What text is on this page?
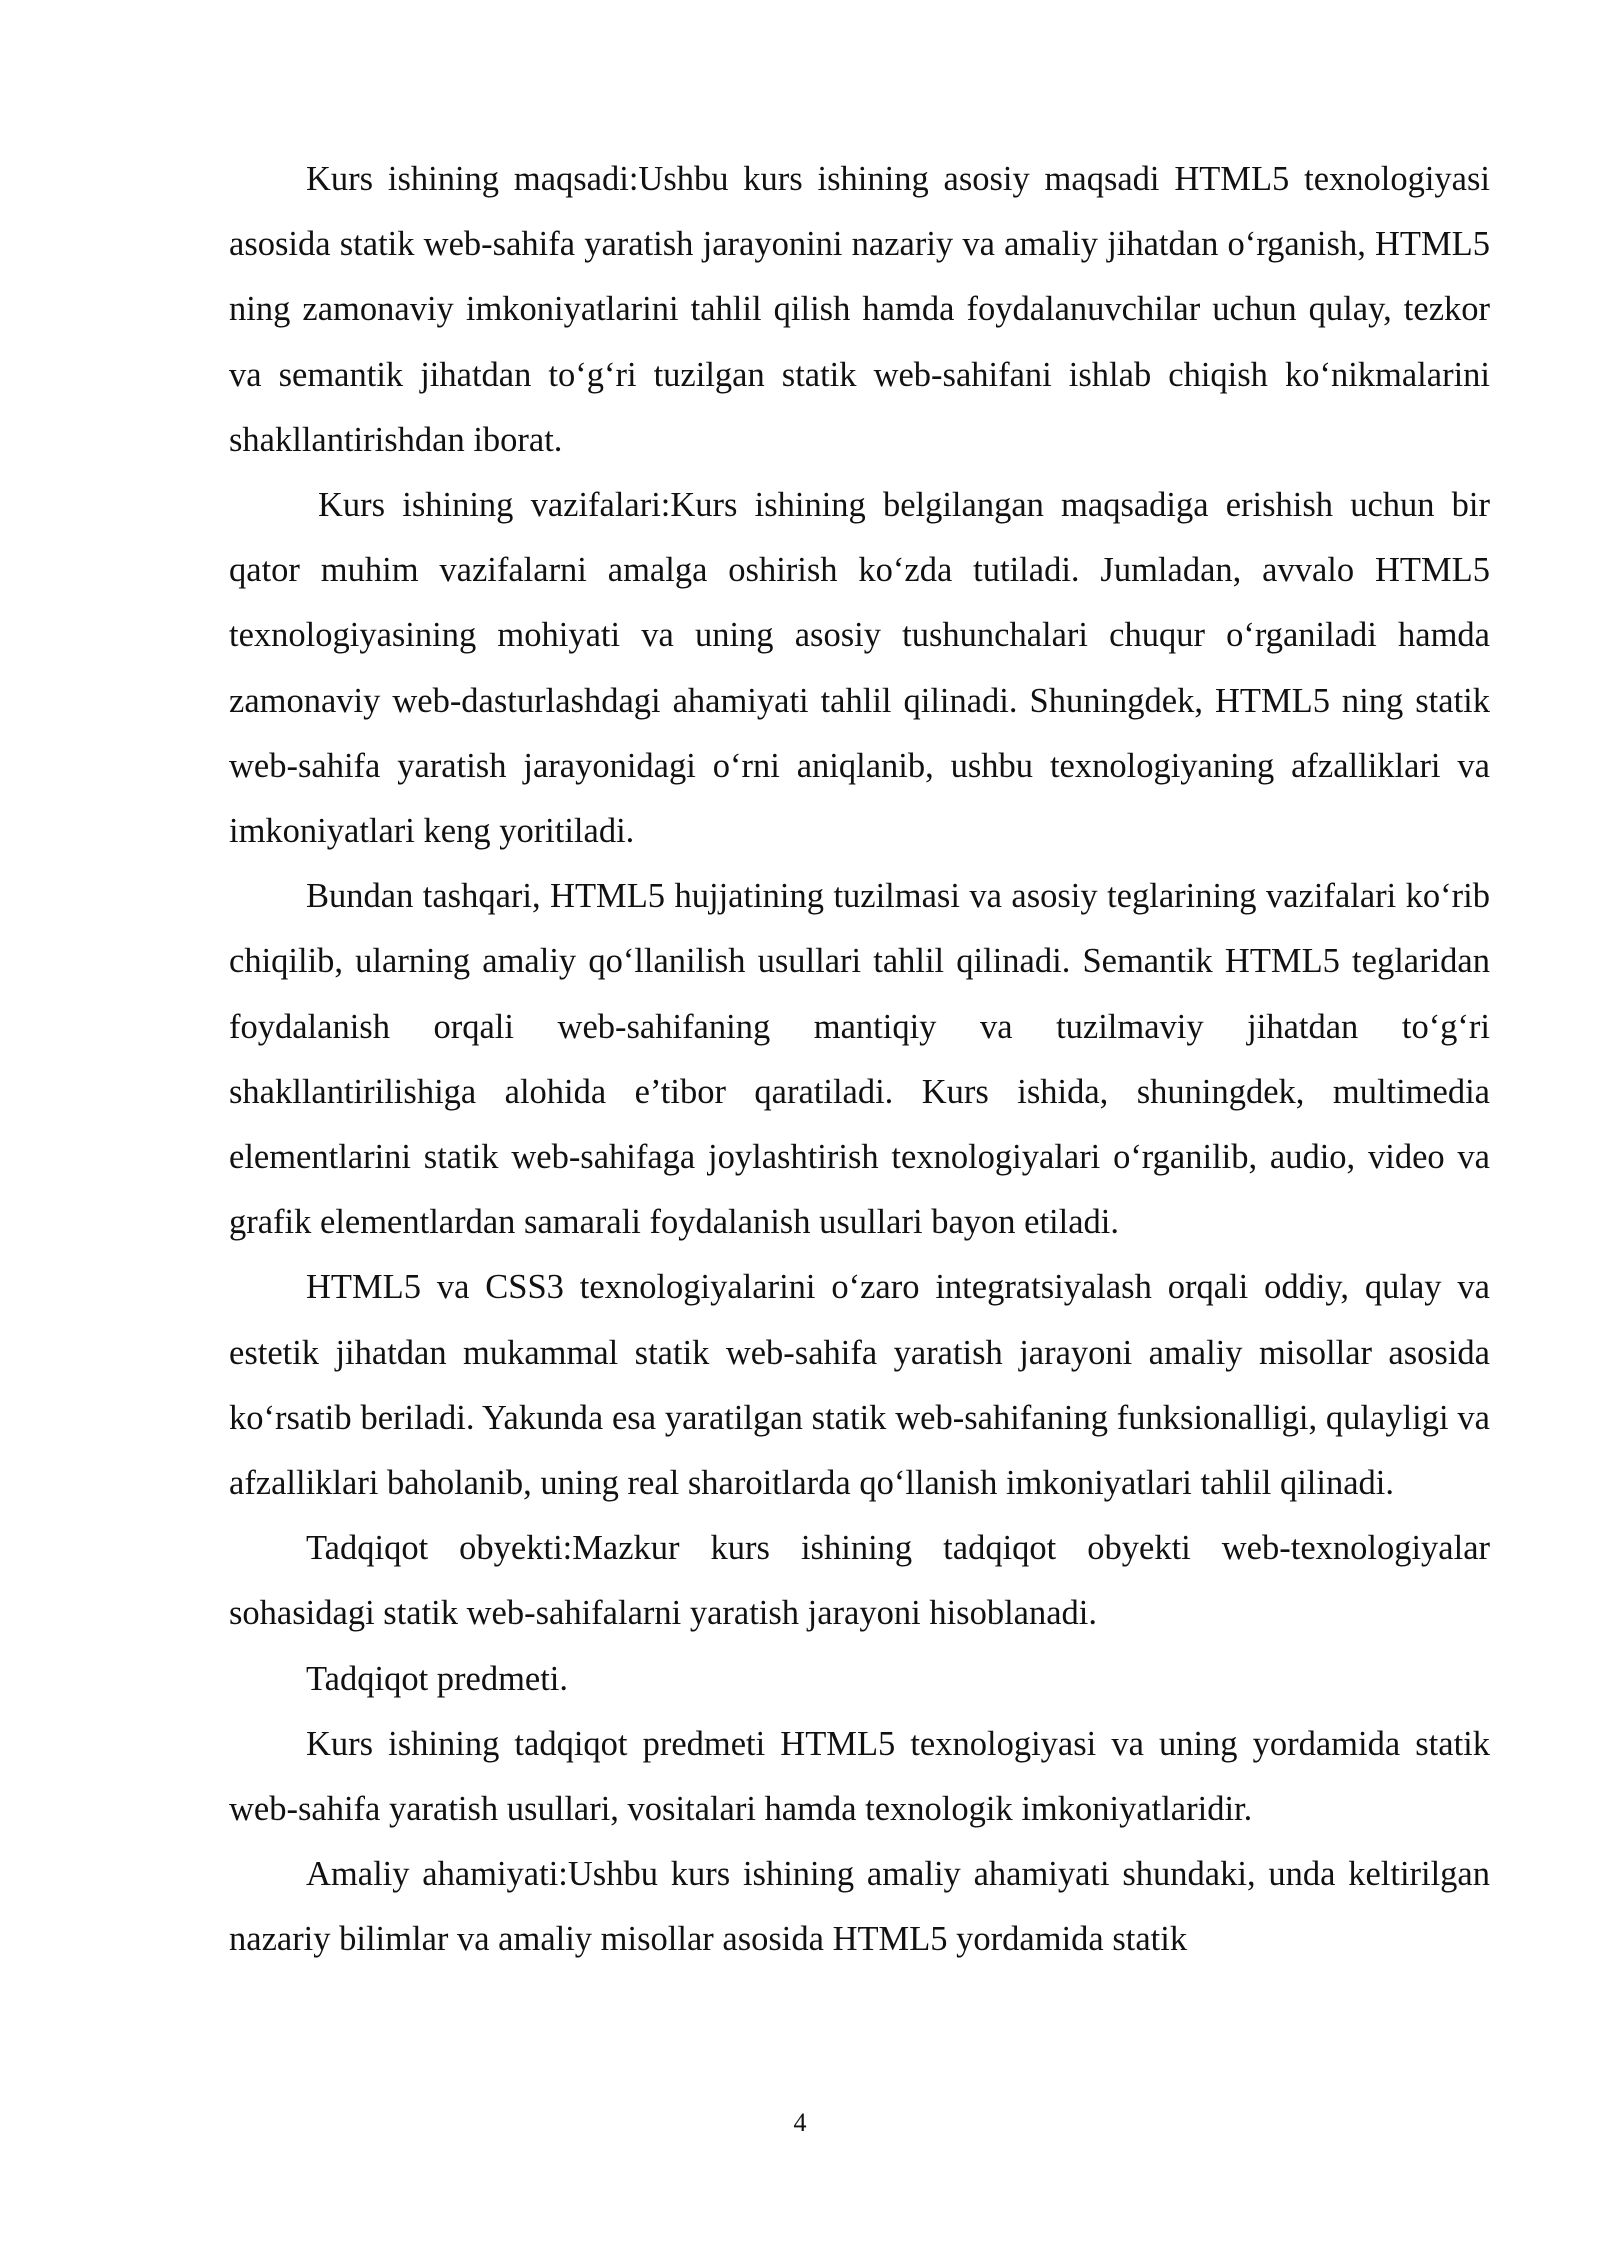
Kurs ishining maqsadi:Ushbu kurs ishining asosiy maqsadi HTML5 texnologiyasi asosida statik web-sahifa yaratish jarayonini nazariy va amaliy jihatdan o‘rganish, HTML5 ning zamonaviy imkoniyatlarini tahlil qilish hamda foydalanuvchilar uchun qulay, tezkor va semantik jihatdan to‘g‘ri tuzilgan statik web-sahifani ishlab chiqish ko‘nikmalarini shakllantirishdan iborat.

Kurs ishining vazifalari:Kurs ishining belgilangan maqsadiga erishish uchun bir qator muhim vazifalarni amalga oshirish ko‘zda tutiladi. Jumladan, avvalo HTML5 texnologiyasining mohiyati va uning asosiy tushunchalari chuqur o‘rganiladi hamda zamonaviy web-dasturlashdagi ahamiyati tahlil qilinadi. Shuningdek, HTML5 ning statik web-sahifa yaratish jarayonidagi o‘rni aniqlanib, ushbu texnologiyaning afzalliklari va imkoniyatlari keng yoritiladi.

Bundan tashqari, HTML5 hujjatining tuzilmasi va asosiy teglarining vazifalari ko‘rib chiqilib, ularning amaliy qo‘llanilish usullari tahlil qilinadi. Semantik HTML5 teglaridan foydalanish orqali web-sahifaning mantiqiy va tuzilmaviy jihatdan to‘g‘ri shakllantirilishiga alohida e’tibor qaratiladi. Kurs ishida, shuningdek, multimedia elementlarini statik web-sahifaga joylashtirish texnologiyalari o‘rganilib, audio, video va grafik elementlardan samarali foydalanish usullari bayon etiladi.

HTML5 va CSS3 texnologiyalarini o‘zaro integratsiyalash orqali oddiy, qulay va estetik jihatdan mukammal statik web-sahifa yaratish jarayoni amaliy misollar asosida ko‘rsatib beriladi. Yakunda esa yaratilgan statik web-sahifaning funksionalligi, qulayligi va afzalliklari baholanib, uning real sharoitlarda qo‘llanish imkoniyatlari tahlil qilinadi.

Tadqiqot obyekti:Mazkur kurs ishining tadqiqot obyekti web-texnologiyalar sohasidagi statik web-sahifalarni yaratish jarayoni hisoblanadi.

Tadqiqot predmeti.

Kurs ishining tadqiqot predmeti HTML5 texnologiyasi va uning yordamida statik web-sahifa yaratish usullari, vositalari hamda texnologik imkoniyatlaridir.

Amaliy ahamiyati:Ushbu kurs ishining amaliy ahamiyati shundaki, unda keltirilgan nazariy bilimlar va amaliy misollar asosida HTML5 yordamida statik

4
